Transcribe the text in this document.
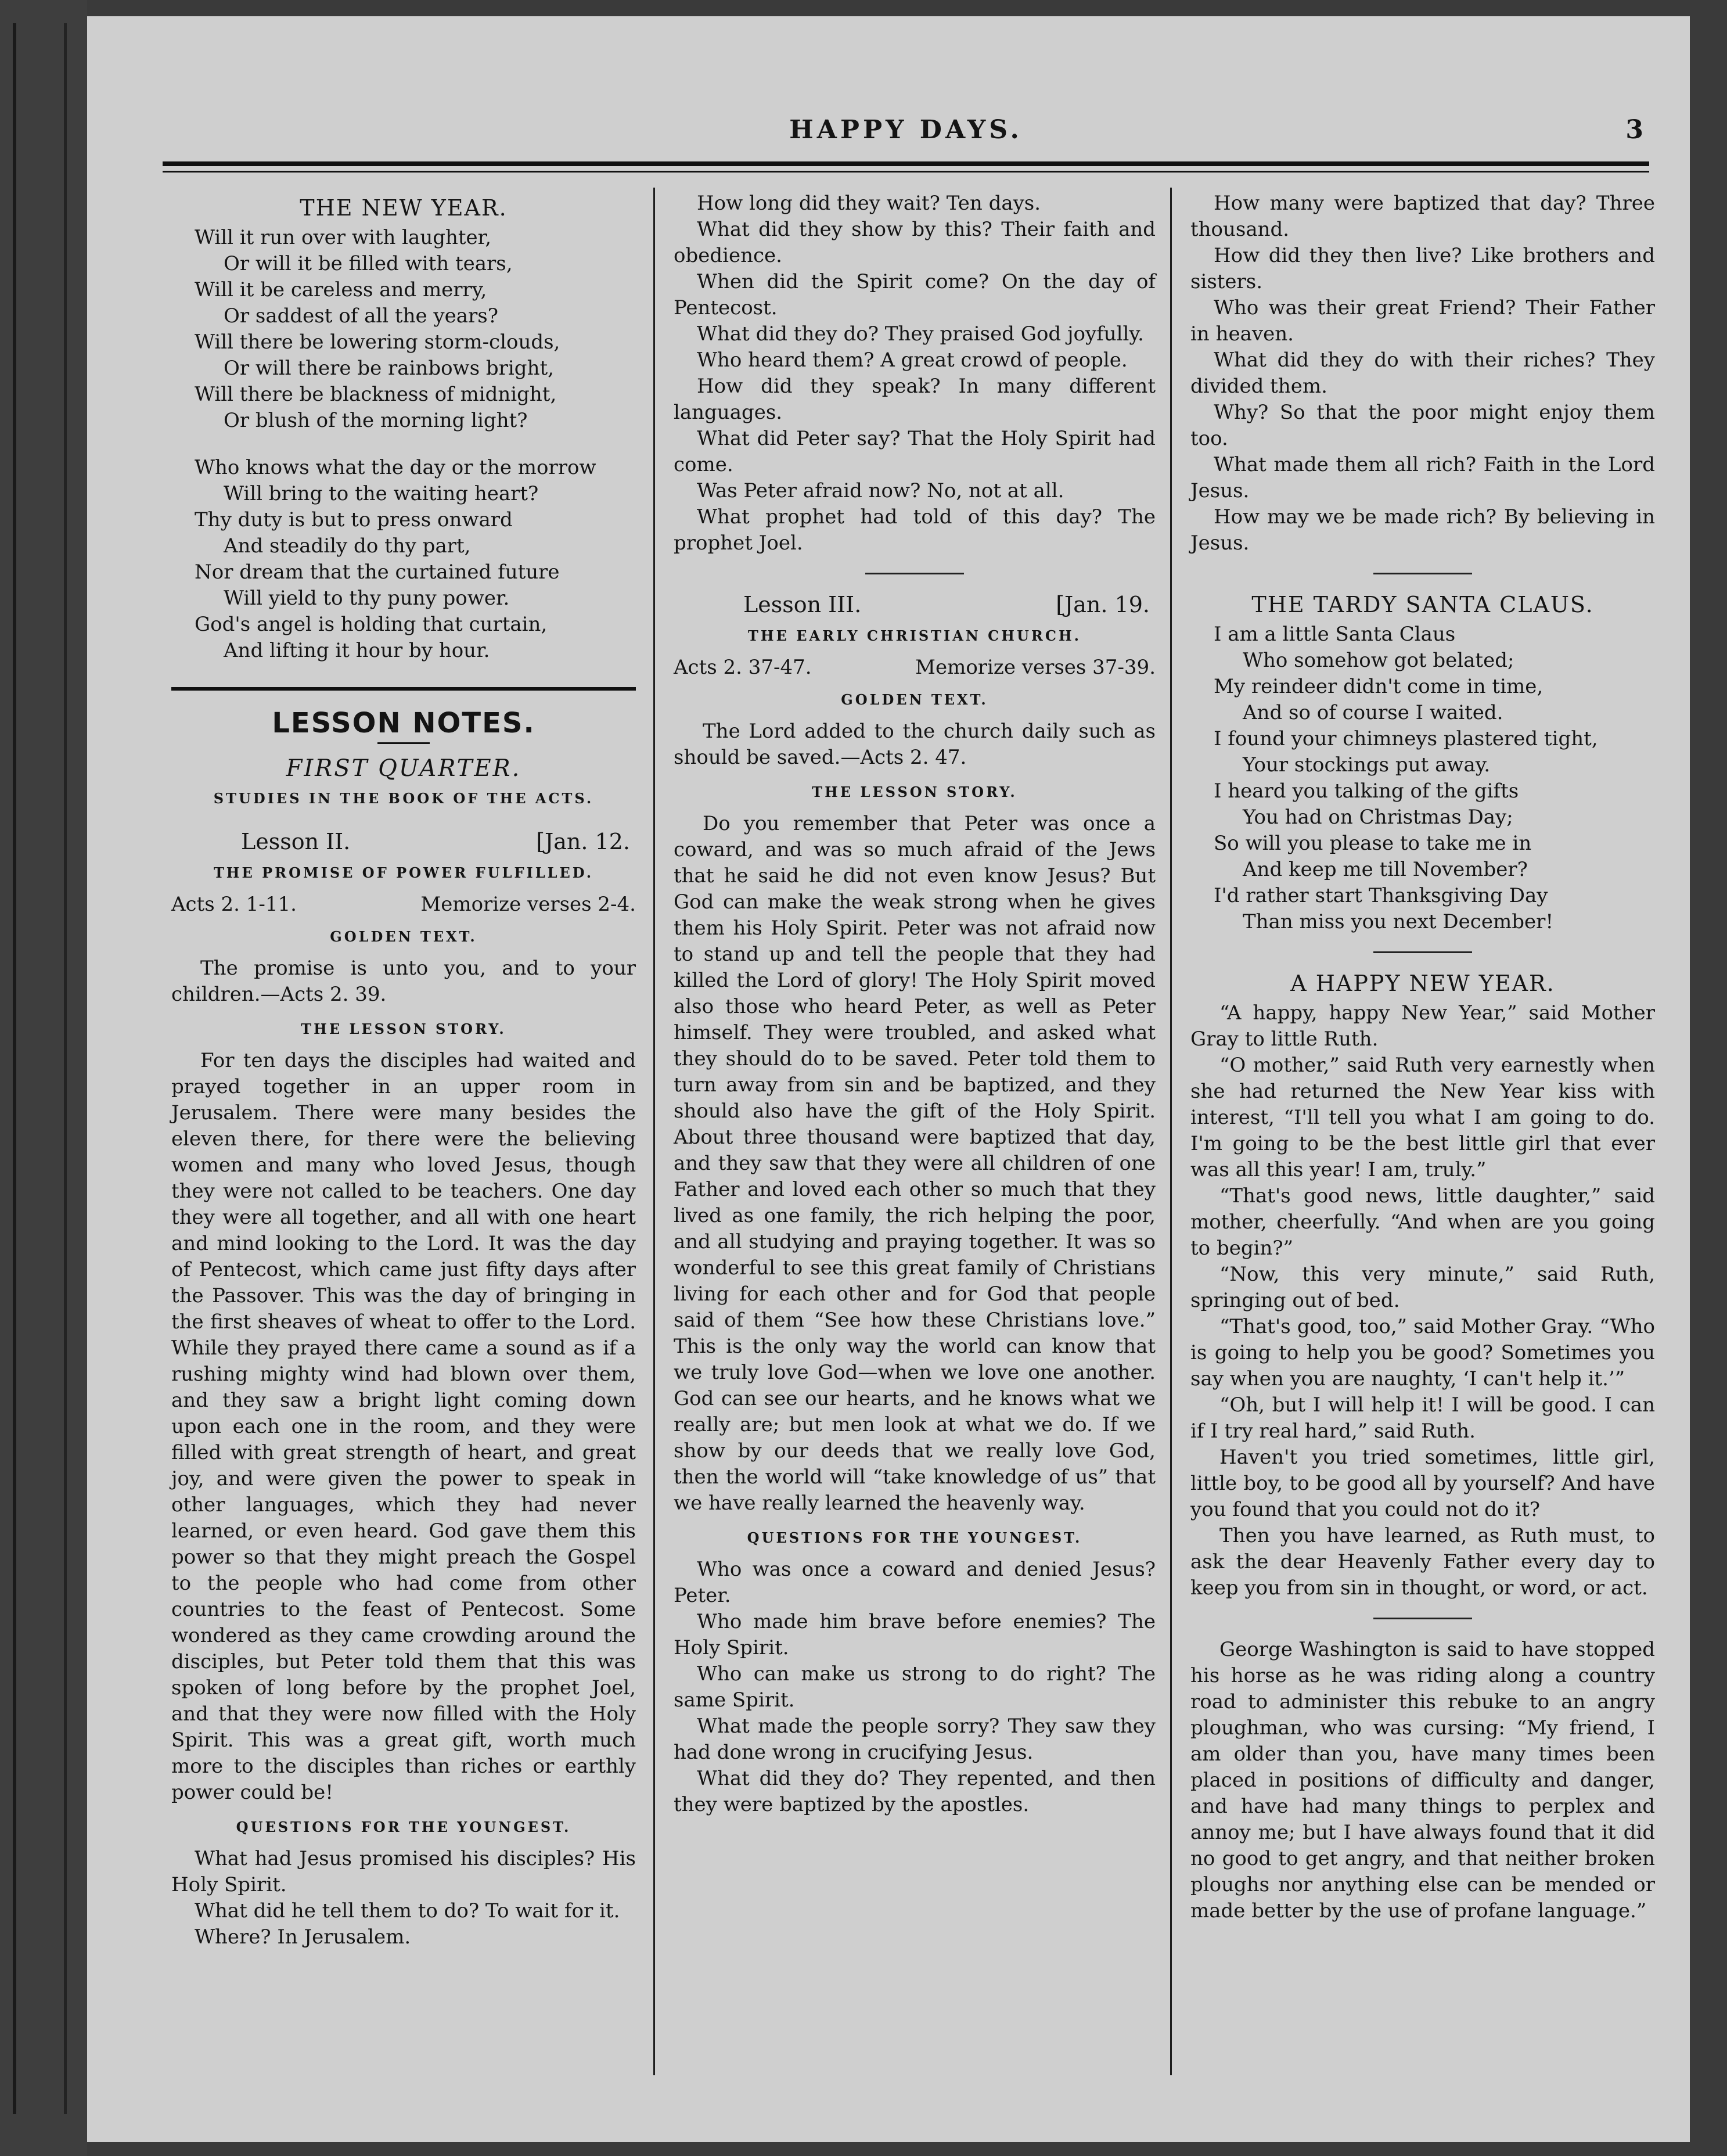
HAPPY DAYS.	3
THE NEW YEAR.

Will it run over with laughter,

Or will it be filled with tears,

Will it be careless and merry,

Or saddest of all the years?

Will there be lowering storm-clouds,

Or will there be rainbows bright,

Will there be blackness of midnight,

Or blush of the morning light?

Who knows what the day or the morrow

Will bring to the waiting heart?

Thy duty is but to press onward

And steadily do thy part,

Nor dream that the curtained future

Will yield to thy puny power.

God's angel is holding that curtain,

And lifting it hour by hour.

LESSON NOTES.
FIRST QUARTER.
STUDIES IN THE BOOK OF THE ACTS.
Lesson II.	[Jan. 12.
THE PROMISE OF POWER FULFILLED.
Acts 2. 1-11.	Memorize verses 2-4.
GOLDEN TEXT.

The promise is unto you, and to your children.—Acts 2. 39.

THE LESSON STORY.

For ten days the disciples had waited and prayed together in an upper room in Jerusalem. There were many besides the eleven there, for there were the believing women and many who loved Jesus, though they were not called to be teachers. One day they were all together, and all with one heart and mind looking to the Lord. It was the day of Pentecost, which came just fifty days after the Passover. This was the day of bringing in the first sheaves of wheat to offer to the Lord. While they prayed there came a sound as if a rushing mighty wind had blown over them, and they saw a bright light coming down upon each one in the room, and they were filled with great strength of heart, and great joy, and were given the power to speak in other languages, which they had never learned, or even heard. God gave them this power so that they might preach the Gospel to the people who had come from other countries to the feast of Pentecost. Some wondered as they came crowding around the disciples, but Peter told them that this was spoken of long before by the prophet Joel, and that they were now filled with the Holy Spirit. This was a great gift, worth much more to the disciples than riches or earthly power could be!

QUESTIONS FOR THE YOUNGEST.

What had Jesus promised his disciples? His Holy Spirit.

What did he tell them to do? To wait for it.

Where? In Jerusalem.

How long did they wait? Ten days.

What did they show by this? Their faith and obedience.

When did the Spirit come? On the day of Pentecost.

What did they do? They praised God joyfully.

Who heard them? A great crowd of people.

How did they speak? In many different languages.

What did Peter say? That the Holy Spirit had come.

Was Peter afraid now? No, not at all.

What prophet had told of this day? The prophet Joel.

Lesson III.	[Jan. 19.
THE EARLY CHRISTIAN CHURCH.
Acts 2. 37-47.	Memorize verses 37-39.
GOLDEN TEXT.

The Lord added to the church daily such as should be saved.—Acts 2. 47.

THE LESSON STORY.

Do you remember that Peter was once a coward, and was so much afraid of the Jews that he said he did not even know Jesus? But God can make the weak strong when he gives them his Holy Spirit. Peter was not afraid now to stand up and tell the people that they had killed the Lord of glory! The Holy Spirit moved also those who heard Peter, as well as Peter himself. They were troubled, and asked what they should do to be saved. Peter told them to turn away from sin and be baptized, and they should also have the gift of the Holy Spirit. About three thousand were baptized that day, and they saw that they were all children of one Father and loved each other so much that they lived as one family, the rich helping the poor, and all studying and praying together. It was so wonderful to see this great family of Christians living for each other and for God that people said of them “See how these Christians love.” This is the only way the world can know that we truly love God—when we love one another. God can see our hearts, and he knows what we really are; but men look at what we do. If we show by our deeds that we really love God, then the world will “take knowledge of us” that we have really learned the heavenly way.

QUESTIONS FOR THE YOUNGEST.

Who was once a coward and denied Jesus? Peter.

Who made him brave before enemies? The Holy Spirit.

Who can make us strong to do right? The same Spirit.

What made the people sorry? They saw they had done wrong in crucifying Jesus.

What did they do? They repented, and then they were baptized by the apostles.

How many were baptized that day? Three thousand.

How did they then live? Like brothers and sisters.

Who was their great Friend? Their Father in heaven.

What did they do with their riches? They divided them.

Why? So that the poor might enjoy them too.

What made them all rich? Faith in the Lord Jesus.

How may we be made rich? By believing in Jesus.

THE TARDY SANTA CLAUS.

I am a little Santa Claus

Who somehow got belated;

My reindeer didn't come in time,

And so of course I waited.

I found your chimneys plastered tight,

Your stockings put away.

I heard you talking of the gifts

You had on Christmas Day;

So will you please to take me in

And keep me till November?

I'd rather start Thanksgiving Day

Than miss you next December!

A HAPPY NEW YEAR.

“A happy, happy New Year,” said Mother Gray to little Ruth.

“O mother,” said Ruth very earnestly when she had returned the New Year kiss with interest, “I'll tell you what I am going to do. I'm going to be the best little girl that ever was all this year! I am, truly.”

“That's good news, little daughter,” said mother, cheerfully. “And when are you going to begin?”

“Now, this very minute,” said Ruth, springing out of bed.

“That's good, too,” said Mother Gray. “Who is going to help you be good? Sometimes you say when you are naughty, ‘I can't help it.’”

“Oh, but I will help it! I will be good. I can if I try real hard,” said Ruth.

Haven't you tried sometimes, little girl, little boy, to be good all by yourself? And have you found that you could not do it?

Then you have learned, as Ruth must, to ask the dear Heavenly Father every day to keep you from sin in thought, or word, or act.

George Washington is said to have stopped his horse as he was riding along a country road to administer this rebuke to an angry ploughman, who was cursing: “My friend, I am older than you, have many times been placed in positions of difficulty and danger, and have had many things to perplex and annoy me; but I have always found that it did no good to get angry, and that neither broken ploughs nor anything else can be mended or made better by the use of profane language.”
